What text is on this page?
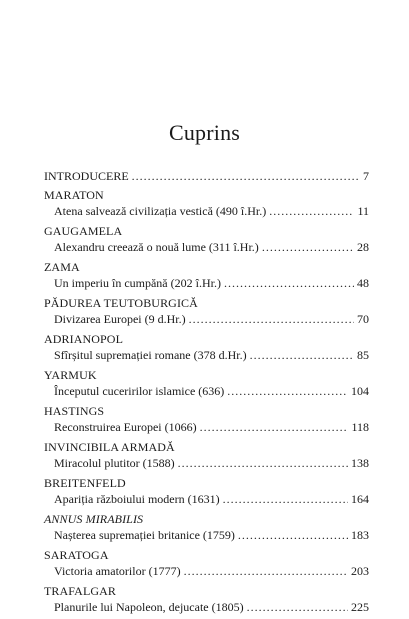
Cuprins
INTRODUCERE . . .	7
MARATON
Atena salvează civilizația vestică (490 î.Hr.) . . .	11
GAUGAMELA
Alexandru creează o nouă lume (311 î.Hr.) . . .	28
ZAMA
Un imperiu în cumpănă (202 î.Hr.) . . .	48
PĂDUREA TEUTOBURGICĂ
Divizarea Europei (9 d.Hr.) . . .	70
ADRIANOPOL
Sfîrșitul supremației romane (378 d.Hr.) . . .	85
YARMUK
Începutul cuceririlor islamice (636) . . .	104
HASTINGS
Reconstruirea Europei (1066) . . .	118
INVINCIBILA ARMADĂ
Miracolul plutitor (1588) . . .	138
BREITENFELD
Apariția războiului modern (1631) . . .	164
ANNUS MIRABILIS
Nașterea supremației britanice (1759) . . .	183
SARATOGA
Victoria amatorilor (1777) . . .	203
TRAFALGAR
Planurile lui Napoleon, dejucate (1805) . . .	225
